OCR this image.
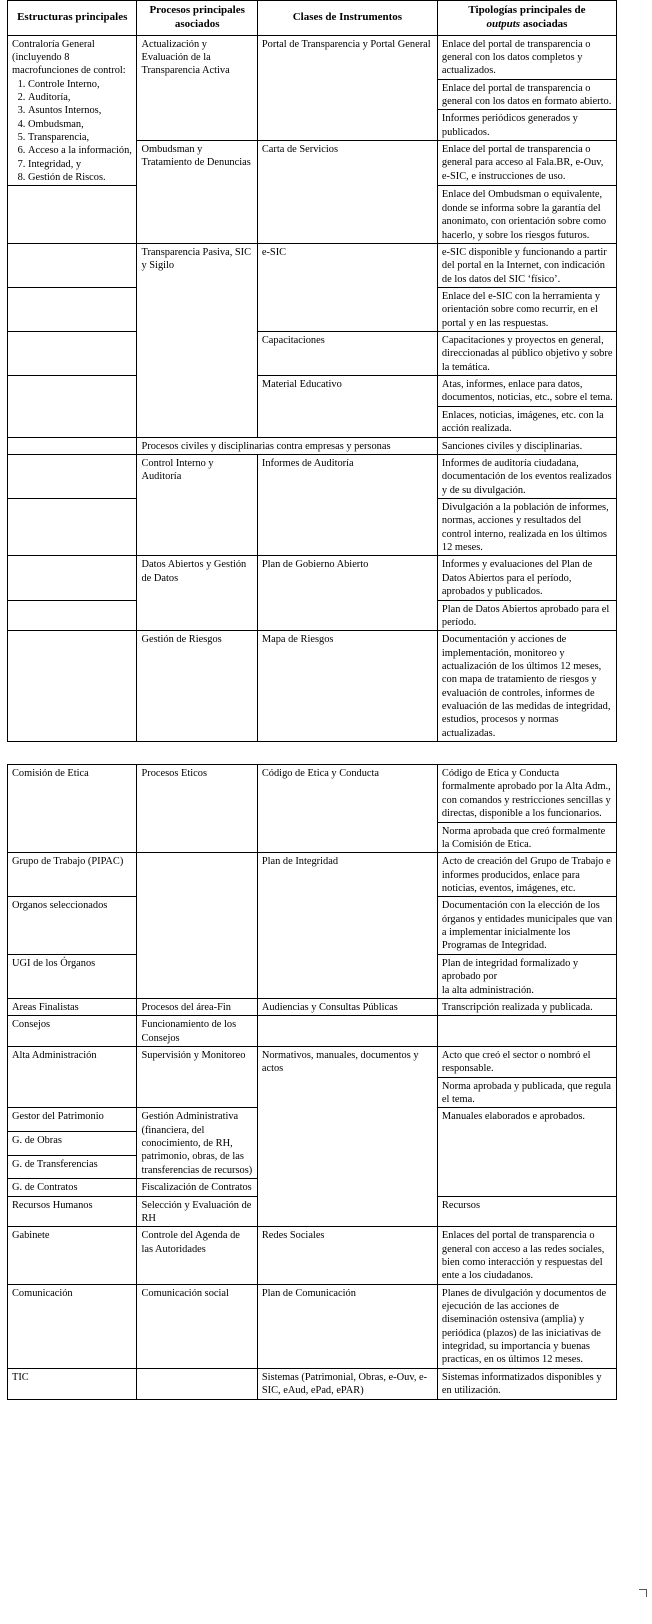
Estructuras principales	Procesos principales
asociados	Clases de Instrumentos	Tipologías principales de
outputs asociadas

Contraloría General (incluyendo 8 macrofunciones de control:
1. Controle Interno,
2. Auditoría,
3. Asuntos Internos,
4. Ombudsman,
5. Transparencia,
6. Acceso a la información,
7. Integridad, y
8. Gestión de Riscos.
	Actualización y Evaluación de la Transparencia Activa	Portal de Transparencia y Portal General	Enlace del portal de transparencia o general con los datos completos y actualizados.
			Enlace del portal de transparencia o general con los datos en formato abierto.
			Informes periódicos generados y publicados.
	Ombudsman y Tratamiento de Denuncias	Carta de Servicios	Enlace del portal de transparencia o general para acceso al Fala.BR, e-Ouv, e-SIC, e instrucciones de uso.
			Enlace del Ombudsman o equivalente, donde se informa sobre la garantía del anonimato, con orientación sobre como hacerlo, y sobre los riesgos futuros.
	Transparencia Pasiva, SIC y Sigilo	e-SIC	e-SIC disponible y funcionando a partir del portal en la Internet, con indicación de los datos del SIC ‘físico’.
			Enlace del e-SIC con la herramienta y orientación sobre como recurrir, en el portal y en las respuestas.
		Capacitaciones	Capacitaciones y proyectos en general, direccionadas al público objetivo y sobre la temática.
		Material Educativo	Atas, informes, enlace para datos, documentos, noticias, etc., sobre el tema.
			Enlaces, noticias, imágenes, etc. con la acción realizada.
	Procesos civiles y disciplinarias contra empresas y personas		Sanciones civiles y disciplinarias.
	Control Interno y Auditoría	Informes de Auditoría	Informes de auditoría ciudadana, documentación de los eventos realizados y de su divulgación.
			Divulgación a la población de informes, normas, acciones y resultados del control interno, realizada en los últimos 12 meses.
	Datos Abiertos y Gestión de Datos	Plan de Gobierno Abierto	Informes y evaluaciones del Plan de Datos Abiertos para el período, aprobados y publicados.
			Plan de Datos Abiertos aprobado para el período.
	Gestión de Riesgos	Mapa de Riesgos	Documentación y acciones de implementación, monitoreo y actualización de los últimos 12 meses, con mapa de tratamiento de riesgos y evaluación de controles, informes de evaluación de las medidas de integridad, estudios, procesos y normas actualizadas.
Comisión de Etica	Procesos Eticos	Código de Etica y Conducta	Código de Etica y Conducta formalmente aprobado por la Alta Adm., con comandos y restricciones sencillas y directas, disponible a los funcionarios.
			Norma aprobada que creó formalmente la Comisión de Etica.
Grupo de Trabajo (PIPAC)		Plan de Integridad	Acto de creación del Grupo de Trabajo e informes producidos, enlace para noticias, eventos, imágenes, etc.
Organos seleccionados			Documentación con la elección de los órganos y entidades municipales que van a implementar inicialmente los Programas de Integridad.
UGI de los Órganos			Plan de integridad formalizado y aprobado por
la alta administración.
Areas Finalistas	Procesos del área-Fin	Audiencias y Consultas Públicas	Transcripción realizada y publicada.
Consejos	Funcionamiento de los Consejos		
Alta Administración	Supervisión y Monitoreo	Normativos, manuales, documentos y actos	Acto que creó el sector o nombró el responsable.
			Norma aprobada y publicada, que regula el tema.
Gestor del Patrimonio	Gestión Administrativa (financiera, del conocimiento, de RH, patrimonio, obras, de las transferencias de recursos)		Manuales elaborados e aprobados.
G. de Obras			
G. de Transferencias			
G. de Contratos	Fiscalización de Contratos		
Recursos Humanos	Selección y Evaluación de RH		Recursos
Gabinete	Controle del Agenda de las Autoridades	Redes Sociales	Enlaces del portal de transparencia o general con acceso a las redes sociales, bien como interacción y respuestas del ente a los ciudadanos.
Comunicación	Comunicación social	Plan de Comunicación	Planes de divulgación y documentos de ejecución de las acciones de diseminación ostensiva (amplia) y periódica (plazos) de las iniciativas de integridad, su importancia y buenas practicas, en os últimos 12 meses.
TIC		Sistemas (Patrimonial, Obras, e-Ouv, e-SIC, eAud, ePad, ePAR)	Sistemas informatizados disponibles y en utilización.
